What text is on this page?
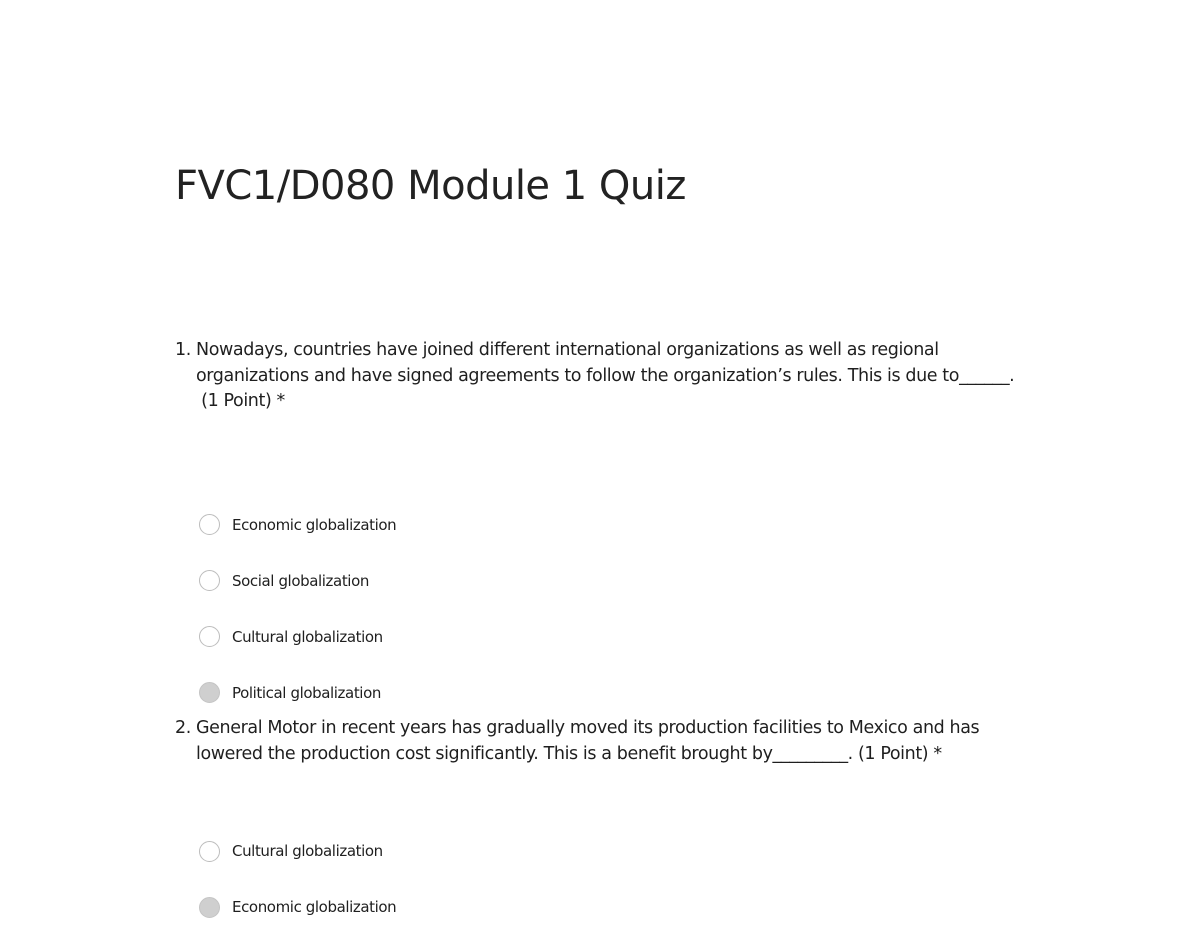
FVC1/D080 Module 1 Quiz
1. Nowadays, countries have joined different international organizations as well as regional
organizations and have signed agreements to follow the organization’s rules. This is due to______.
(1 Point) *
Economic globalization
Social globalization
Cultural globalization
Political globalization
2. General Motor in recent years has gradually moved its production facilities to Mexico and has
lowered the production cost significantly. This is a benefit brought by_________. (1 Point) *
Cultural globalization
Economic globalization
